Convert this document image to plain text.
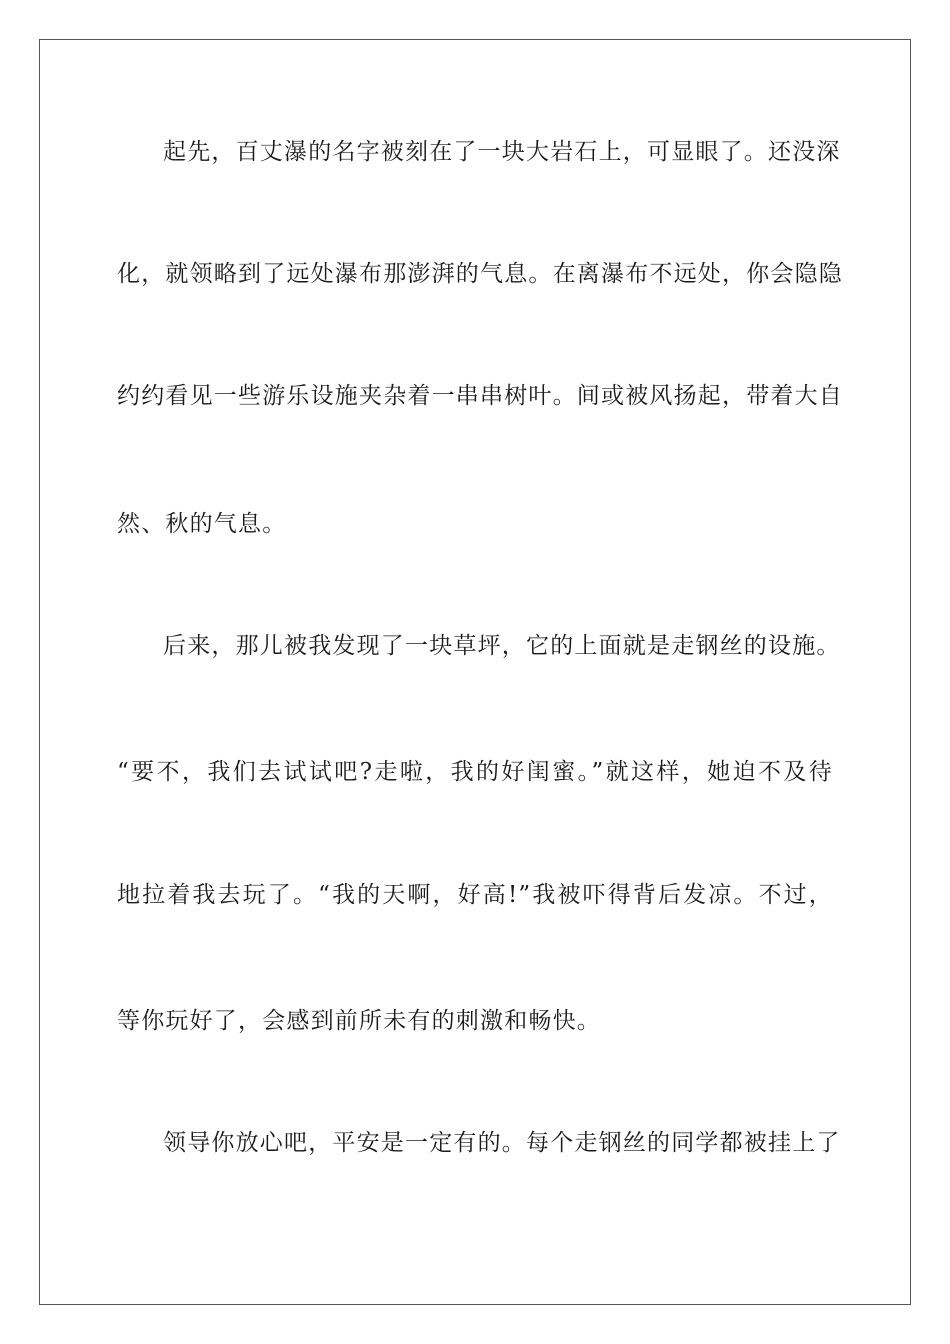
起先，百丈瀑的名字被刻在了一块大岩石上，可显眼了。还没深
化，就领略到了远处瀑布那澎湃的气息。在离瀑布不远处，你会隐隐
约约看见一些游乐设施夹杂着一串串树叶。间或被风扬起，带着大自
然、秋的气息。
后来，那儿被我发现了一块草坪，它的上面就是走钢丝的设施。
“要不，我们去试试吧?走啦，我的好闺蜜。”就这样，她迫不及待
地拉着我去玩了。“我的天啊，好高!”我被吓得背后发凉。不过，
等你玩好了，会感到前所未有的刺激和畅快。
领导你放心吧，平安是一定有的。每个走钢丝的同学都被挂上了
